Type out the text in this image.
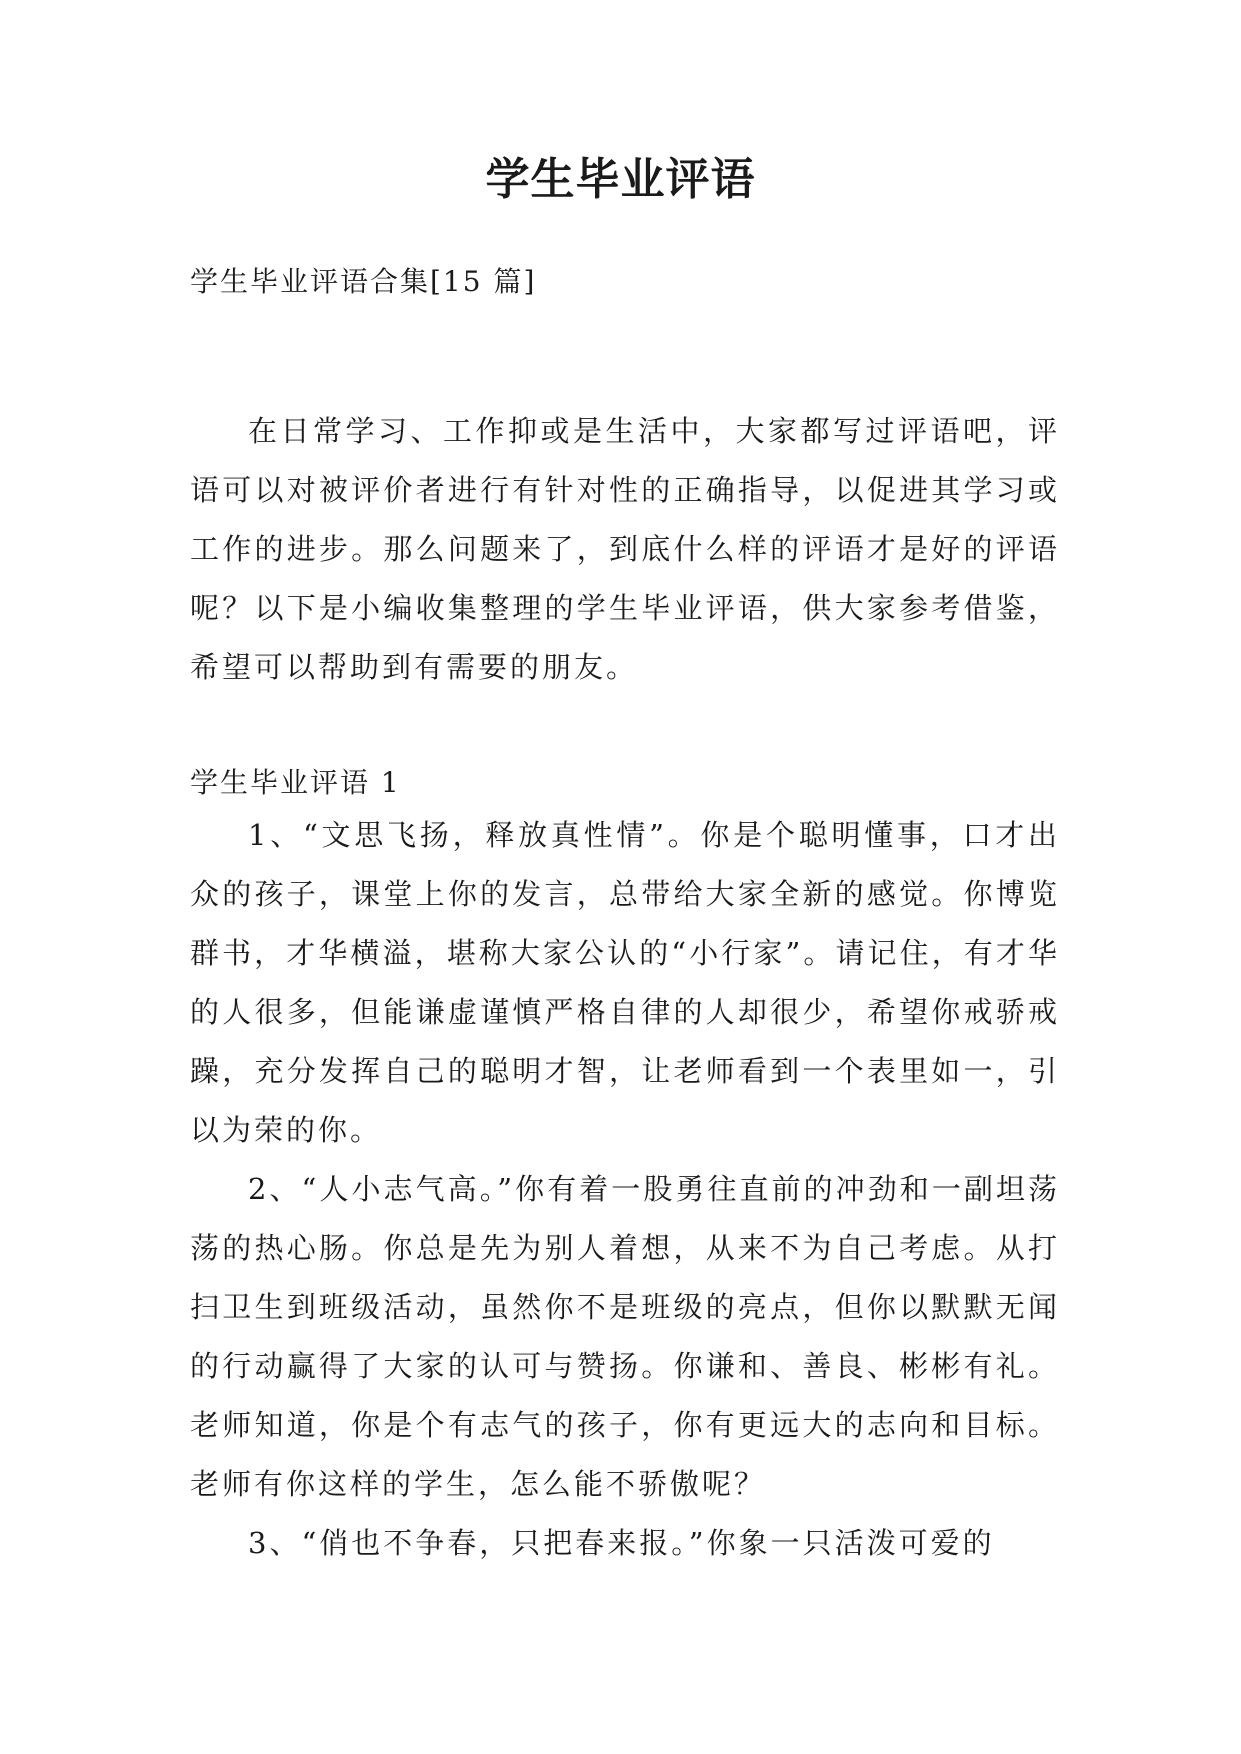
学生毕业评语
学生毕业评语合集[15 篇]

在日常学习、工作抑或是生活中，大家都写过评语吧，评语可以对被评价者进行有针对性的正确指导，以促进其学习或工作的进步。那么问题来了，到底什么样的评语才是好的评语呢？以下是小编收集整理的学生毕业评语，供大家参考借鉴，希望可以帮助到有需要的朋友。

学生毕业评语 1

1、“文思飞扬，释放真性情”。你是个聪明懂事，口才出众的孩子，课堂上你的发言，总带给大家全新的感觉。你博览群书，才华横溢，堪称大家公认的“小行家”。请记住，有才华的人很多，但能谦虚谨慎严格自律的人却很少，希望你戒骄戒躁，充分发挥自己的聪明才智，让老师看到一个表里如一，引以为荣的你。

2、“人小志气高。”你有着一股勇往直前的冲劲和一副坦荡荡的热心肠。你总是先为别人着想，从来不为自己考虑。从打扫卫生到班级活动，虽然你不是班级的亮点，但你以默默无闻的行动赢得了大家的认可与赞扬。你谦和、善良、彬彬有礼。老师知道，你是个有志气的孩子，你有更远大的志向和目标。老师有你这样的学生，怎么能不骄傲呢？

3、“俏也不争春，只把春来报。”你象一只活泼可爱的
